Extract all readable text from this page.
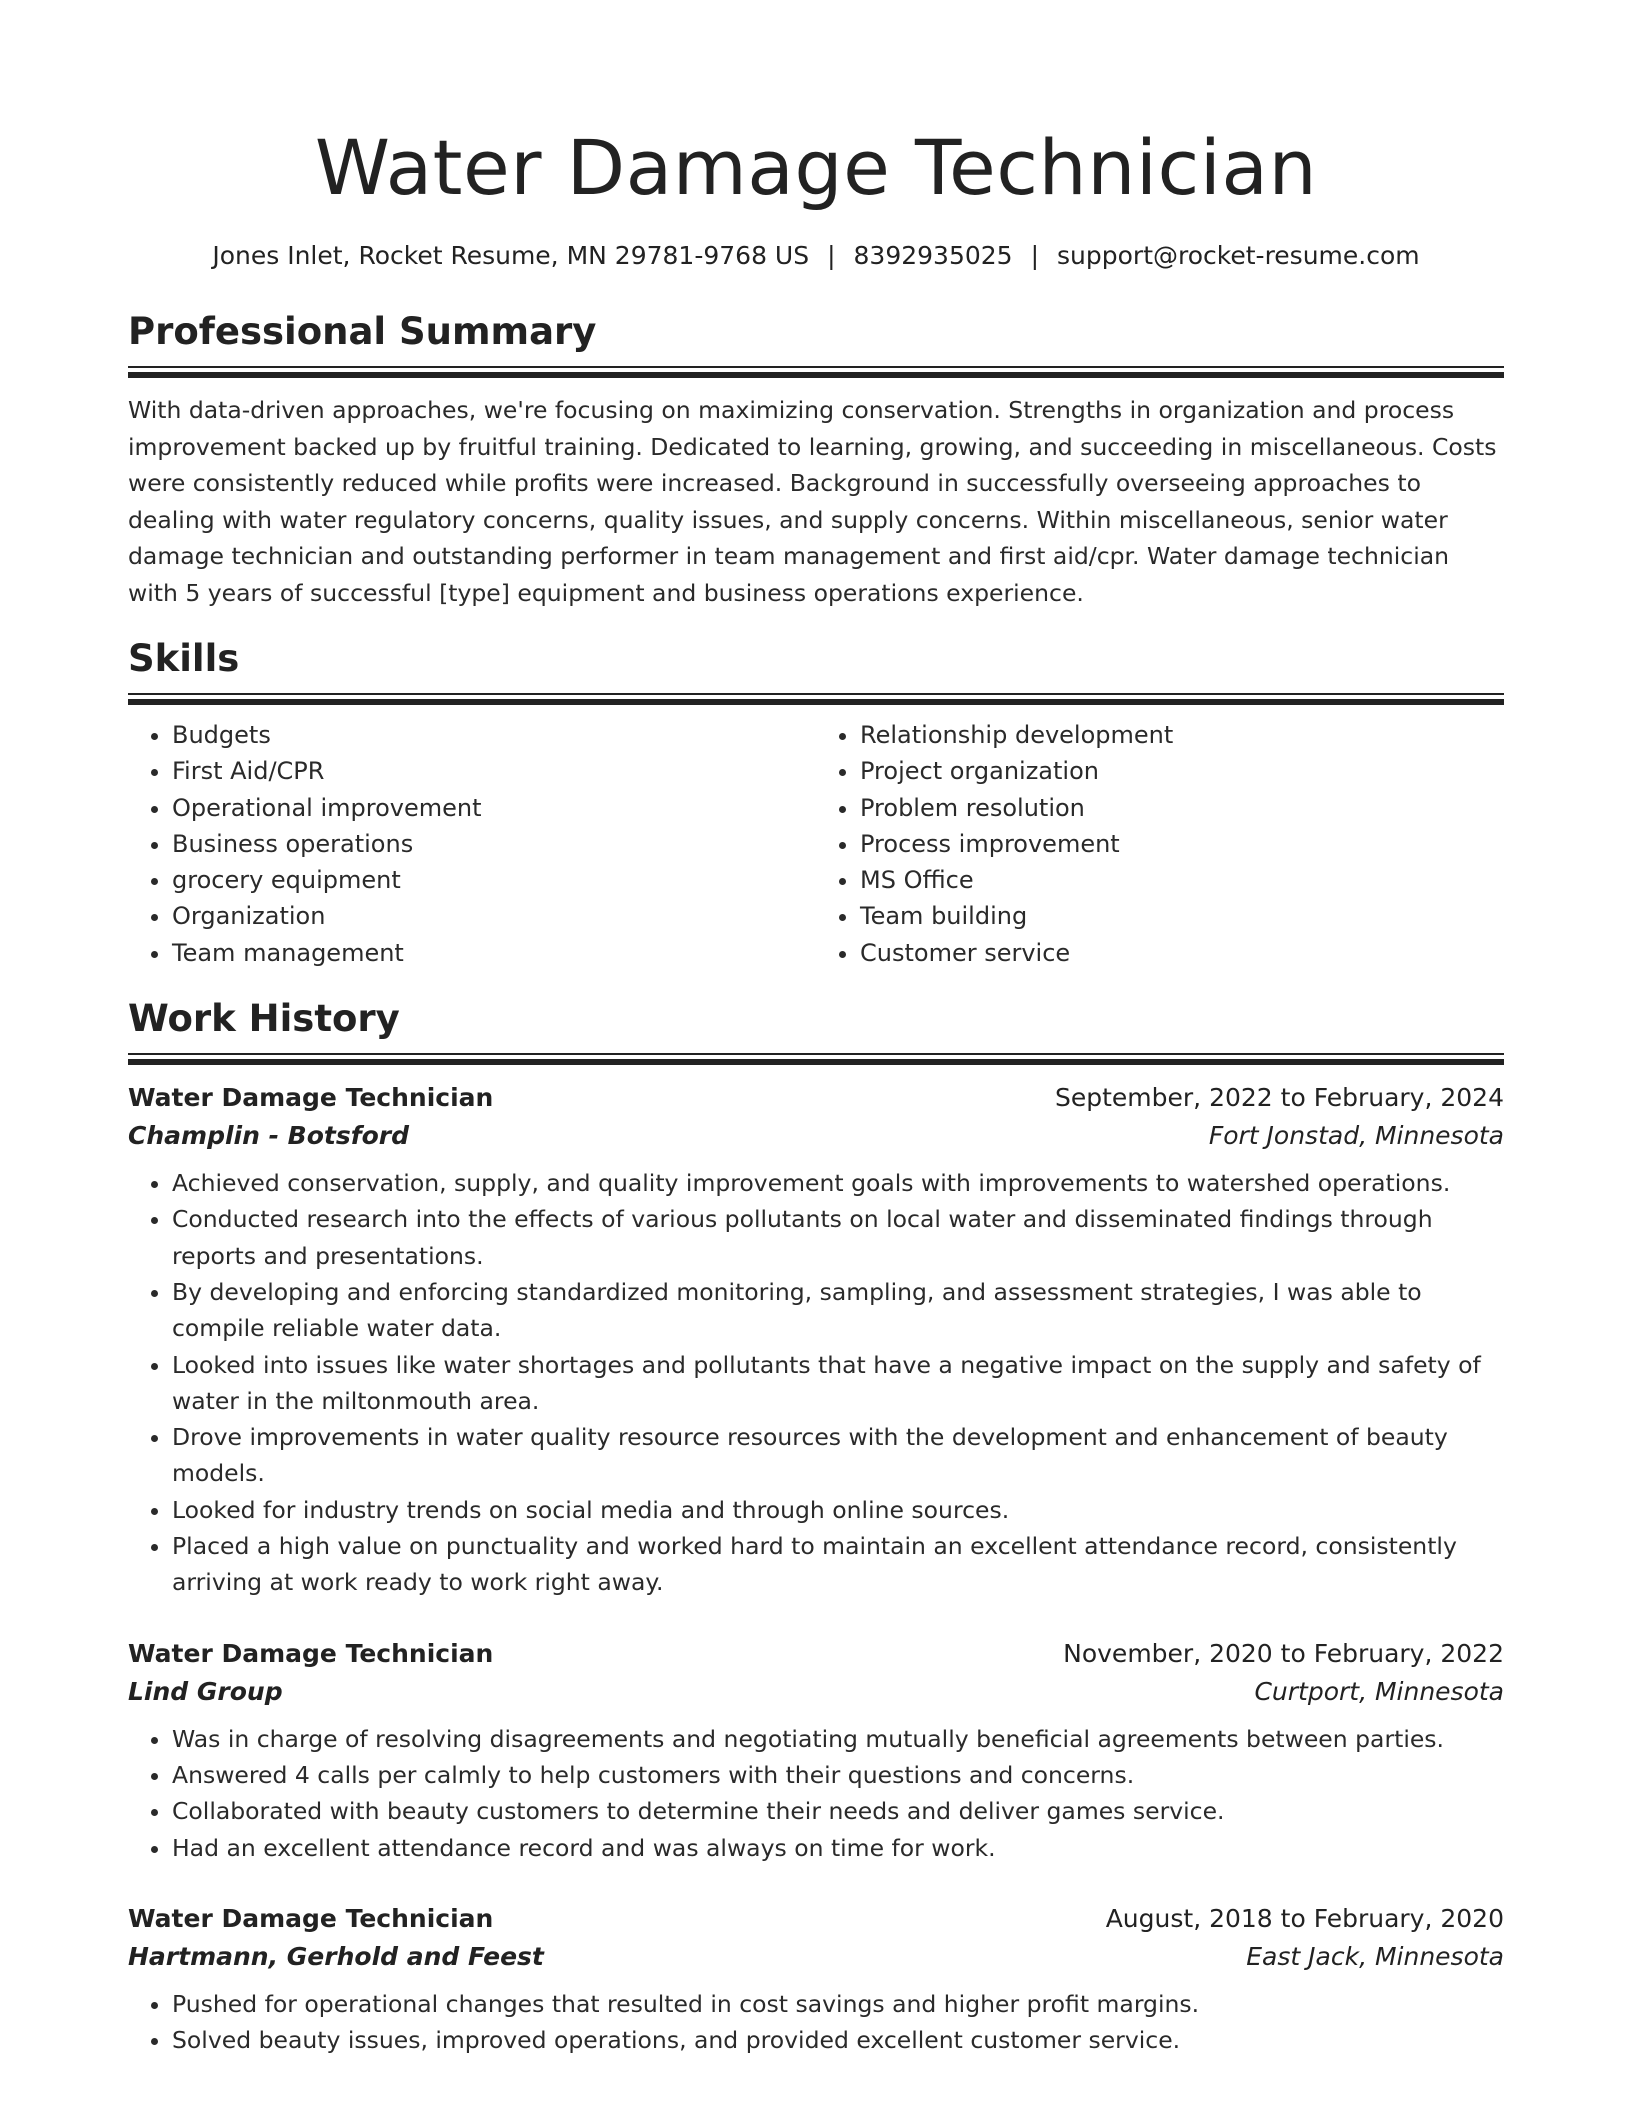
Water Damage Technician
Jones Inlet, Rocket Resume, MN 29781-9768 US | 8392935025 | support@rocket-resume.com
Professional Summary

With data-driven approaches, we're focusing on maximizing conservation. Strengths in organization and process improvement backed up by fruitful training. Dedicated to learning, growing, and succeeding in miscellaneous. Costs were consistently reduced while profits were increased. Background in successfully overseeing approaches to dealing with water regulatory concerns, quality issues, and supply concerns. Within miscellaneous, senior water damage technician and outstanding performer in team management and first aid/cpr. Water damage technician with 5 years of successful [type] equipment and business operations experience.

Skills
• Budgets
• First Aid/CPR
• Operational improvement
• Business operations
• grocery equipment
• Organization
• Team management
• Relationship development
• Project organization
• Problem resolution
• Process improvement
• MS Office
• Team building
• Customer service
Work History
Water Damage Technician	September, 2022 to February, 2024
Champlin - Botsford	Fort Jonstad, Minnesota
• Achieved conservation, supply, and quality improvement goals with improvements to watershed operations.
• Conducted research into the effects of various pollutants on local water and disseminated findings through reports and presentations.
• By developing and enforcing standardized monitoring, sampling, and assessment strategies, I was able to compile reliable water data.
• Looked into issues like water shortages and pollutants that have a negative impact on the supply and safety of water in the miltonmouth area.
• Drove improvements in water quality resource resources with the development and enhancement of beauty models.
• Looked for industry trends on social media and through online sources.
• Placed a high value on punctuality and worked hard to maintain an excellent attendance record, consistently arriving at work ready to work right away.
Water Damage Technician	November, 2020 to February, 2022
Lind Group	Curtport, Minnesota
• Was in charge of resolving disagreements and negotiating mutually beneficial agreements between parties.
• Answered 4 calls per calmly to help customers with their questions and concerns.
• Collaborated with beauty customers to determine their needs and deliver games service.
• Had an excellent attendance record and was always on time for work.
Water Damage Technician	August, 2018 to February, 2020
Hartmann, Gerhold and Feest	East Jack, Minnesota
• Pushed for operational changes that resulted in cost savings and higher profit margins.
• Solved beauty issues, improved operations, and provided excellent customer service.
